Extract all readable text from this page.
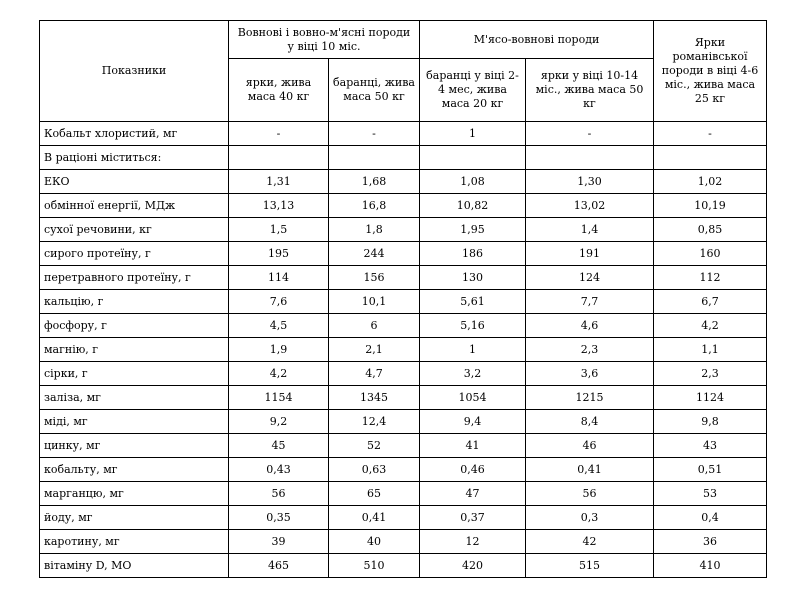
Показники	Вовнові і вовно-м'ясні породи у віці 10 міс.		М'ясо-вовнові породи		Ярки романівської породи в віці 4-6 міс., жива маса 25 кг
	ярки, жива маса 40 кг	баранці, жива маса 50 кг	баранці у віці 2-4 мес, жива маса 20 кг	ярки у віці 10-14 міс., жива маса 50 кг	
Кобальт хлористий, мг	-	-	1	-	-
В раціоні міститься:					
ЕКО	1,31	1,68	1,08	1,30	1,02
обмінної енергії, МДж	13,13	16,8	10,82	13,02	10,19
сухої речовини, кг	1,5	1,8	1,95	1,4	0,85
сирого протеїну, г	195	244	186	191	160
перетравного протеїну, г	114	156	130	124	112
кальцію, г	7,6	10,1	5,61	7,7	6,7
фосфору, г	4,5	6	5,16	4,6	4,2
магнію, г	1,9	2,1	1	2,3	1,1
сірки, г	4,2	4,7	3,2	3,6	2,3
заліза, мг	1154	1345	1054	1215	1124
міді, мг	9,2	12,4	9,4	8,4	9,8
цинку, мг	45	52	41	46	43
кобальту, мг	0,43	0,63	0,46	0,41	0,51
марганцю, мг	56	65	47	56	53
йоду, мг	0,35	0,41	0,37	0,3	0,4
каротину, мг	39	40	12	42	36
вітаміну D, МО	465	510	420	515	410
